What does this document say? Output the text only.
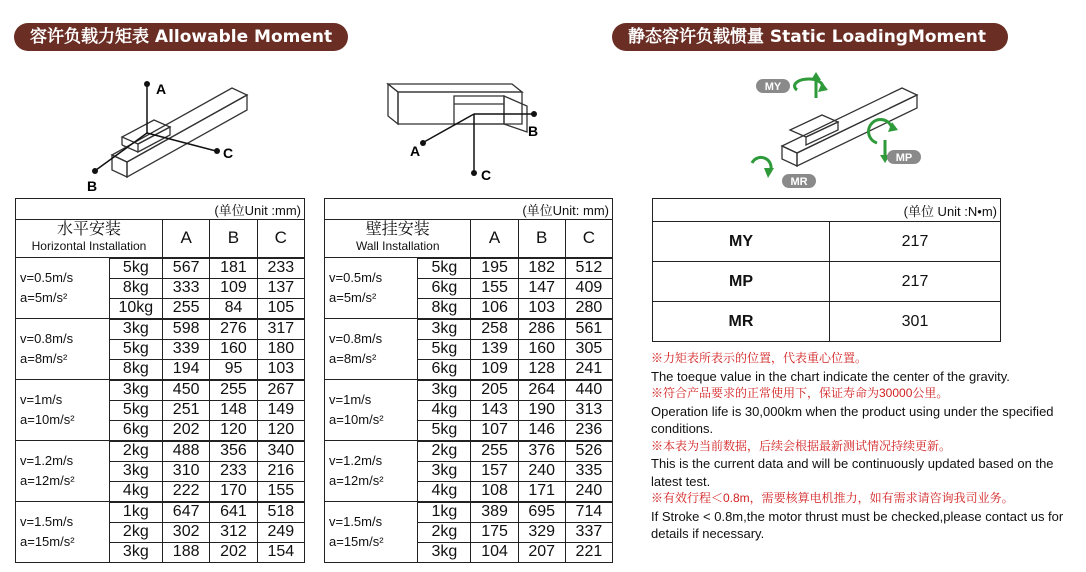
容许负载力矩表 Allowable Moment	静态容许负载惯量 Static LoadingMoment
A
C
B
B
C
A
MY
MP
MR
(单位Unit :mm)				

水平安装
Horizontal Installation		A	B	C

v=0.5m/s
a=5m/s²	5kg	567	181	233
	8kg	333	109	137
	10kg	255	84	105

v=0.8m/s
a=8m/s²	3kg	598	276	317
	5kg	339	160	180
	8kg	194	95	103

v=1m/s
a=10m/s²	3kg	450	255	267
	5kg	251	148	149
	6kg	202	120	120

v=1.2m/s
a=12m/s²	2kg	488	356	340
	3kg	310	233	216
	4kg	222	170	155

v=1.5m/s
a=15m/s²	1kg	647	641	518
	2kg	302	312	249
	3kg	188	202	154
(单位Unit: mm)				

壁挂安装
Wall Installation		A	B	C

v=0.5m/s
a=5m/s²	5kg	195	182	512
	6kg	155	147	409
	8kg	106	103	280

v=0.8m/s
a=8m/s²	3kg	258	286	561
	5kg	139	160	305
	6kg	109	128	241

v=1m/s
a=10m/s²	3kg	205	264	440
	4kg	143	190	313
	5kg	107	146	236

v=1.2m/s
a=12m/s²	2kg	255	376	526
	3kg	157	240	335
	4kg	108	171	240

v=1.5m/s
a=15m/s²	1kg	389	695	714
	2kg	175	329	337
	3kg	104	207	221
(单位 Unit :N•m)	
MY	217
MP	217
MR	301
※力矩表所表示的位置，代表重心位置。
The toeque value in the chart indicate the center of the gravity.
※符合产品要求的正常使用下，保证寿命为30000公里。
Operation life is 30,000km when the product using under the specified conditions.
※本表为当前数据，后续会根据最新测试情况持续更新。
This is the current data and will be continuously updated based on the latest test.
※有效行程＜0.8m，需要核算电机推力，如有需求请咨询我司业务。
If Stroke < 0.8m,the motor thrust must be checked,please contact us for details if necessary.
